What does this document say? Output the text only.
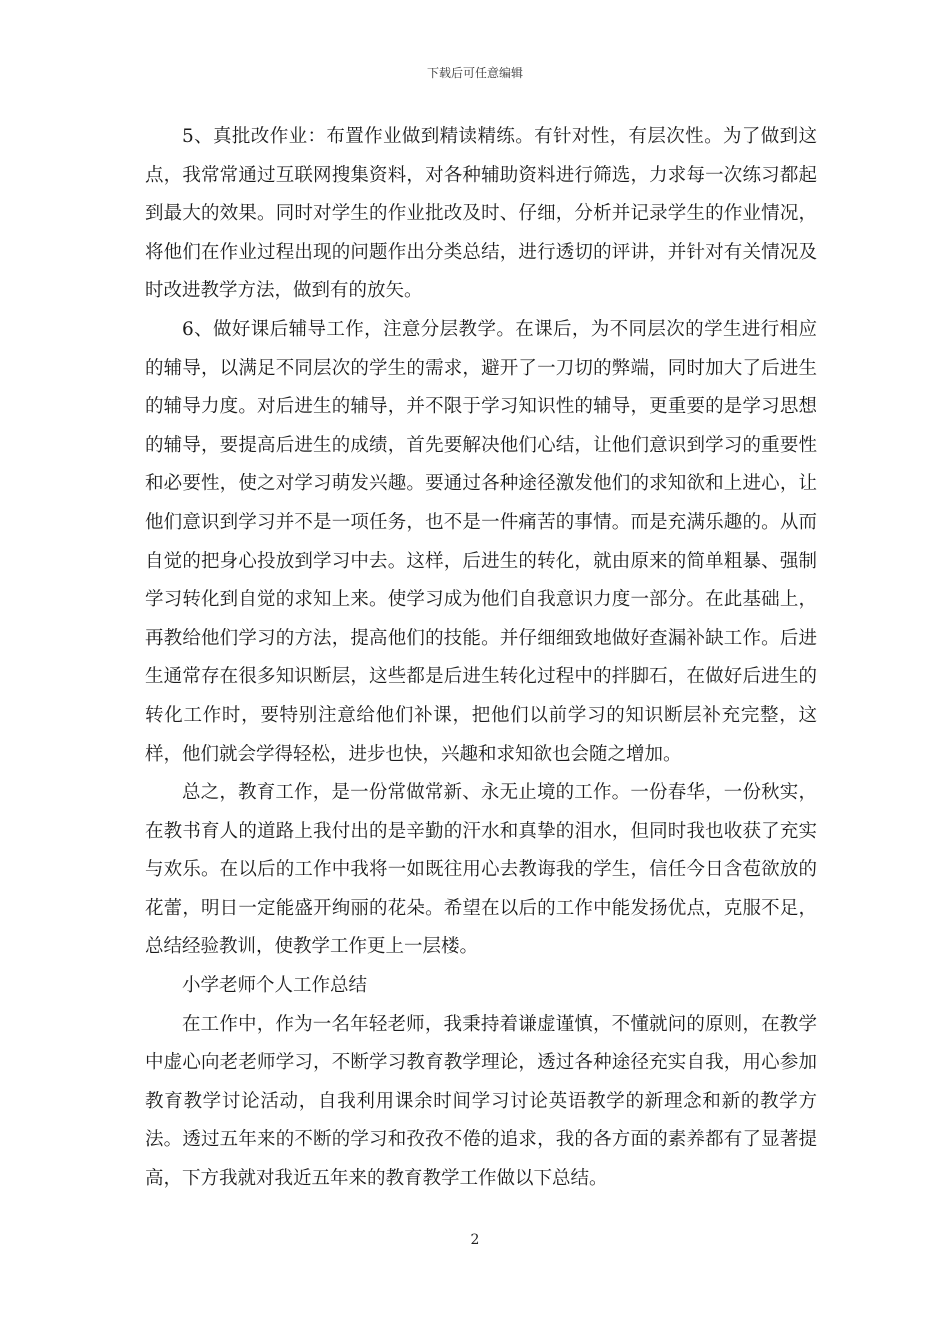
下载后可任意编辑

5、真批改作业：布置作业做到精读精练。有针对性，有层次性。为了做到这点，我常常通过互联网搜集资料，对各种辅助资料进行筛选，力求每一次练习都起到最大的效果。同时对学生的作业批改及时、仔细，分析并记录学生的作业情况，将他们在作业过程出现的问题作出分类总结，进行透切的评讲，并针对有关情况及时改进教学方法，做到有的放矢。

6、做好课后辅导工作，注意分层教学。在课后，为不同层次的学生进行相应的辅导，以满足不同层次的学生的需求，避开了一刀切的弊端，同时加大了后进生的辅导力度。对后进生的辅导，并不限于学习知识性的辅导，更重要的是学习思想的辅导，要提高后进生的成绩，首先要解决他们心结，让他们意识到学习的重要性和必要性，使之对学习萌发兴趣。要通过各种途径激发他们的求知欲和上进心，让他们意识到学习并不是一项任务，也不是一件痛苦的事情。而是充满乐趣的。从而自觉的把身心投放到学习中去。这样，后进生的转化，就由原来的简单粗暴、强制学习转化到自觉的求知上来。使学习成为他们自我意识力度一部分。在此基础上，再教给他们学习的方法，提高他们的技能。并仔细细致地做好查漏补缺工作。后进生通常存在很多知识断层，这些都是后进生转化过程中的拌脚石，在做好后进生的转化工作时，要特别注意给他们补课，把他们以前学习的知识断层补充完整，这样，他们就会学得轻松，进步也快，兴趣和求知欲也会随之增加。

总之，教育工作，是一份常做常新、永无止境的工作。一份春华，一份秋实，在教书育人的道路上我付出的是辛勤的汗水和真挚的泪水，但同时我也收获了充实与欢乐。在以后的工作中我将一如既往用心去教诲我的学生，信任今日含苞欲放的花蕾，明日一定能盛开绚丽的花朵。希望在以后的工作中能发扬优点，克服不足，总结经验教训，使教学工作更上一层楼。

小学老师个人工作总结

在工作中，作为一名年轻老师，我秉持着谦虚谨慎，不懂就问的原则，在教学中虚心向老老师学习，不断学习教育教学理论，透过各种途径充实自我，用心参加教育教学讨论活动，自我利用课余时间学习讨论英语教学的新理念和新的教学方法。透过五年来的不断的学习和孜孜不倦的追求，我的各方面的素养都有了显著提高，下方我就对我近五年来的教育教学工作做以下总结。

2
